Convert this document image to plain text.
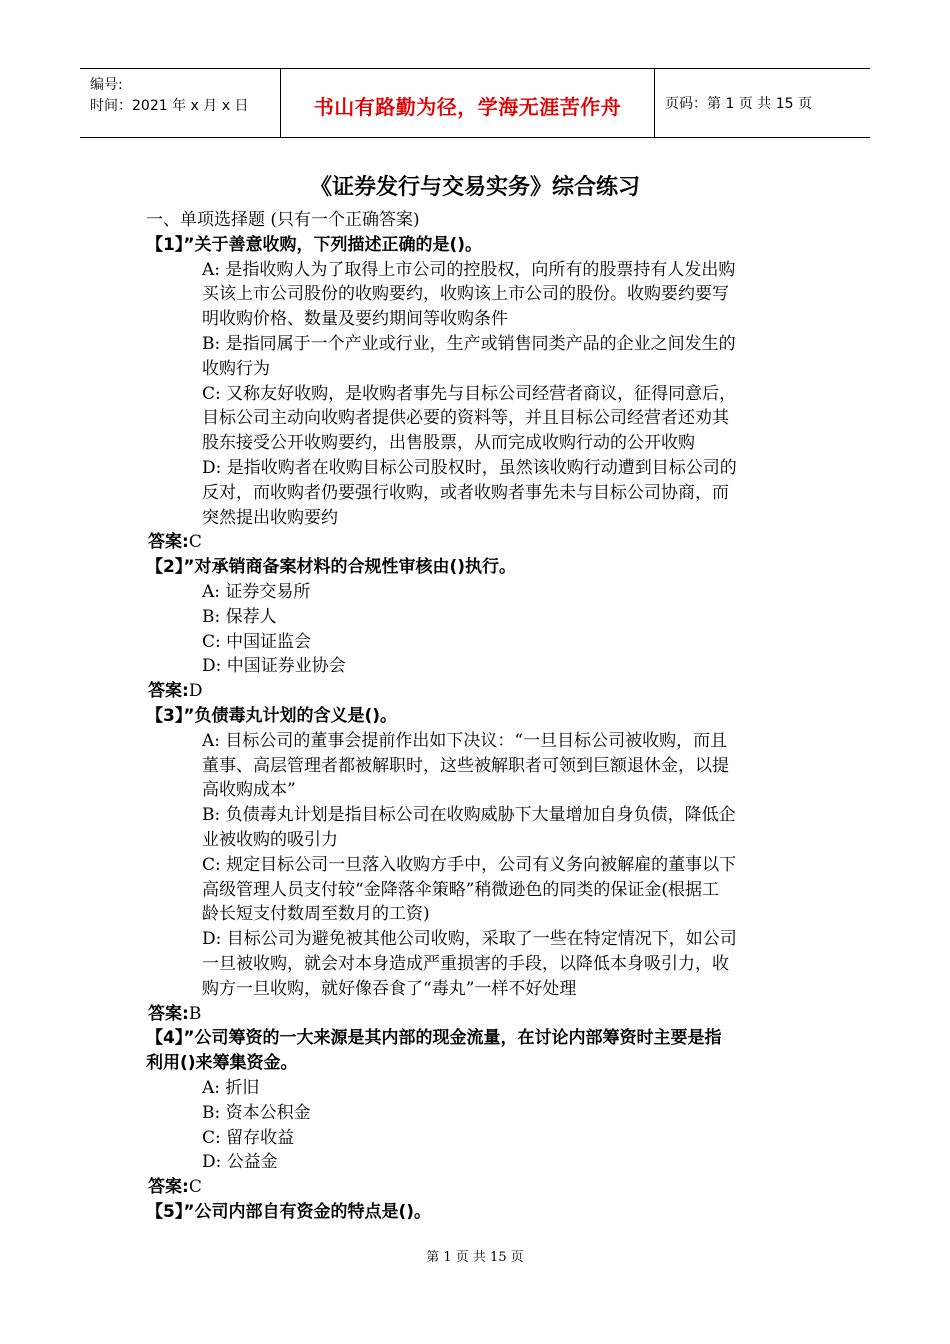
编号:
时间：2021 年 x 月 x 日	书山有路勤为径，学海无涯苦作舟	页码：第 1 页 共 15 页
《证券发行与交易实务》综合练习
一、单项选择题 (只有一个正确答案)
【1】”关于善意收购，下列描述正确的是()。
A: 是指收购人为了取得上市公司的控股权，向所有的股票持有人发出购
买该上市公司股份的收购要约，收购该上市公司的股份。收购要约要写
明收购价格、数量及要约期间等收购条件
B: 是指同属于一个产业或行业，生产或销售同类产品的企业之间发生的
收购行为
C: 又称友好收购，是收购者事先与目标公司经营者商议，征得同意后，
目标公司主动向收购者提供必要的资料等，并且目标公司经营者还劝其
股东接受公开收购要约，出售股票，从而完成收购行动的公开收购
D: 是指收购者在收购目标公司股权时，虽然该收购行动遭到目标公司的
反对，而收购者仍要强行收购，或者收购者事先未与目标公司协商，而
突然提出收购要约
答案:C
【2】”对承销商备案材料的合规性审核由()执行。
A: 证券交易所
B: 保荐人
C: 中国证监会
D: 中国证券业协会
答案:D
【3】”负债毒丸计划的含义是()。
A: 目标公司的董事会提前作出如下决议：“一旦目标公司被收购，而且
董事、高层管理者都被解职时，这些被解职者可领到巨额退休金，以提
高收购成本”
B: 负债毒丸计划是指目标公司在收购威胁下大量增加自身负债，降低企
业被收购的吸引力
C: 规定目标公司一旦落入收购方手中，公司有义务向被解雇的董事以下
高级管理人员支付较“金降落伞策略”稍微逊色的同类的保证金(根据工
龄长短支付数周至数月的工资)
D: 目标公司为避免被其他公司收购，采取了一些在特定情况下，如公司
一旦被收购，就会对本身造成严重损害的手段，以降低本身吸引力，收
购方一旦收购，就好像吞食了“毒丸”一样不好处理
答案:B
【4】”公司筹资的一大来源是其内部的现金流量，在讨论内部筹资时主要是指
利用()来筹集资金。
A: 折旧
B: 资本公积金
C: 留存收益
D: 公益金
答案:C
【5】”公司内部自有资金的特点是()。
第 1 页 共 15 页
